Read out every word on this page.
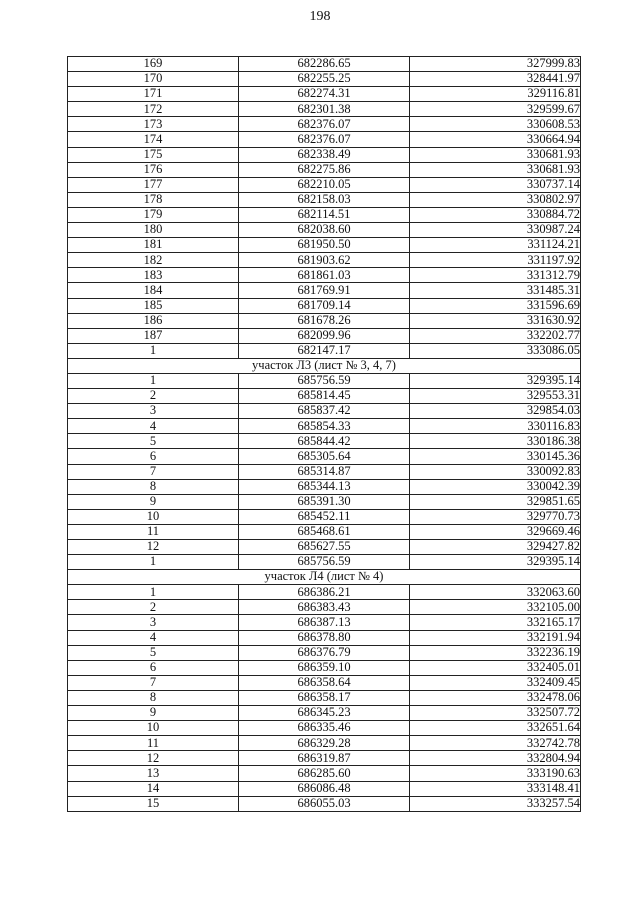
198
169	682286.65	327999.83
170	682255.25	328441.97
171	682274.31	329116.81
172	682301.38	329599.67
173	682376.07	330608.53
174	682376.07	330664.94
175	682338.49	330681.93
176	682275.86	330681.93
177	682210.05	330737.14
178	682158.03	330802.97
179	682114.51	330884.72
180	682038.60	330987.24
181	681950.50	331124.21
182	681903.62	331197.92
183	681861.03	331312.79
184	681769.91	331485.31
185	681709.14	331596.69
186	681678.26	331630.92
187	682099.96	332202.77
1	682147.17	333086.05
участок Л3 (лист № 3, 4, 7)		
1	685756.59	329395.14
2	685814.45	329553.31
3	685837.42	329854.03
4	685854.33	330116.83
5	685844.42	330186.38
6	685305.64	330145.36
7	685314.87	330092.83
8	685344.13	330042.39
9	685391.30	329851.65
10	685452.11	329770.73
11	685468.61	329669.46
12	685627.55	329427.82
1	685756.59	329395.14
участок Л4 (лист № 4)		
1	686386.21	332063.60
2	686383.43	332105.00
3	686387.13	332165.17
4	686378.80	332191.94
5	686376.79	332236.19
6	686359.10	332405.01
7	686358.64	332409.45
8	686358.17	332478.06
9	686345.23	332507.72
10	686335.46	332651.64
11	686329.28	332742.78
12	686319.87	332804.94
13	686285.60	333190.63
14	686086.48	333148.41
15	686055.03	333257.54
